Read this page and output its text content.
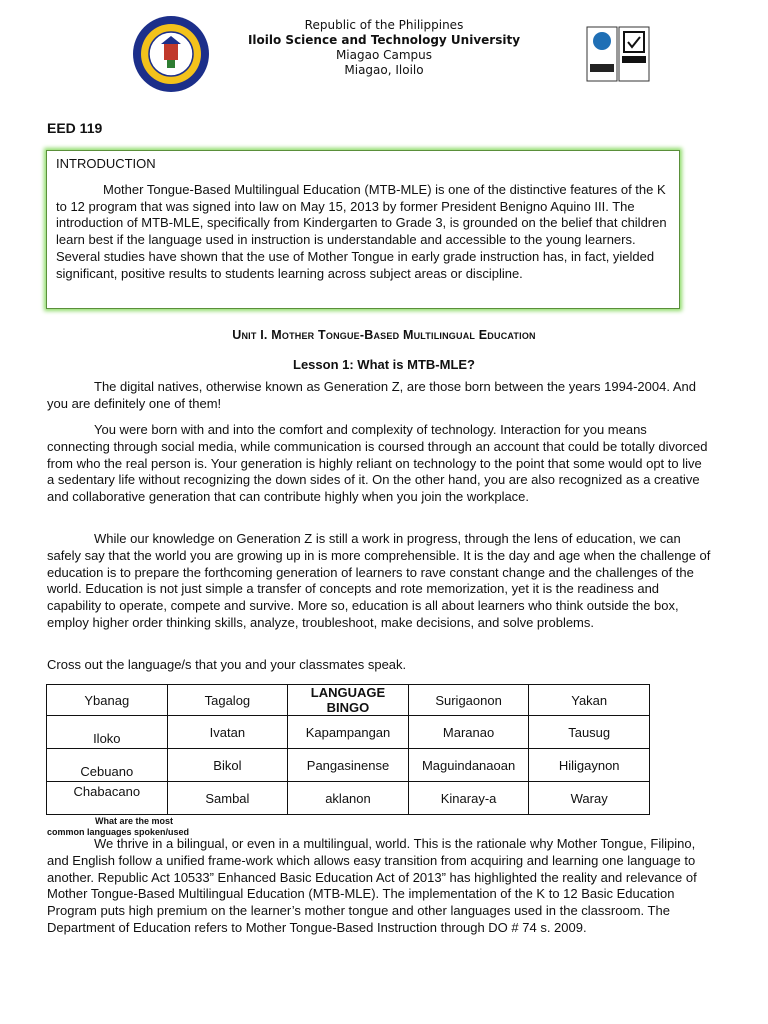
Republic of the Philippines
Iloilo Science and Technology University
Miagao Campus
Miagao, Iloilo
EED 119
INTRODUCTION

Mother Tongue-Based Multilingual Education (MTB-MLE) is one of the distinctive features of the K to 12 program that was signed into law on May 15, 2013 by former President Benigno Aquino III. The introduction of MTB-MLE, specifically from Kindergarten to Grade 3, is grounded on the belief that children learn best if the language used in instruction is understandable and accessible to the young learners. Several studies have shown that the use of Mother Tongue in early grade instruction has, in fact, yielded significant, positive results to students learning across subject areas or discipline.

Unit I. Mother Tongue-Based Multilingual Education
Lesson 1: What is MTB-MLE?

The digital natives, otherwise known as Generation Z, are those born between the years 1994-2004. And you are definitely one of them!

You were born with and into the comfort and complexity of technology. Interaction for you means connecting through social media, while communication is coursed through an account that could be totally divorced from who the real person is. Your generation is highly reliant on technology to the point that some would opt to live a sedentary life without recognizing the down sides of it. On the other hand, you are also recognized as a creative and collaborative generation that can contribute highly when you join the workplace.

While our knowledge on Generation Z is still a work in progress, through the lens of education, we can safely say that the world you are growing up in is more comprehensible. It is the day and age when the challenge of education is to prepare the forthcoming generation of learners to rave constant change and the challenges of the world. Education is not just simple a transfer of concepts and rote memorization, yet it is the readiness and capability to operate, compete and survive. More so, education is all about learners who think outside the box, employ higher order thinking skills, analyze, troubleshoot, make decisions, and solve problems.

Cross out the language/s that you and your classmates speak.

Ybanag	Tagalog	LANGUAGE BINGO	Surigaonon	Yakan
Iloko	Ivatan	Kapampangan	Maranao	Tausug
Cebuano	Bikol	Pangasinense	Maguindanaoan	Hiligaynon
Chabacano	Sambal	aklanon	Kinaray-a	Waray
What are the most
common languages spoken/used

We thrive in a bilingual, or even in a multilingual, world. This is the rationale why Mother Tongue, Filipino, and English follow a unified frame-work which allows easy transition from acquiring and learning one language to another. Republic Act 10533” Enhanced Basic Education Act of 2013” has highlighted the reality and relevance of Mother Tongue-Based Multilingual Education (MTB-MLE). The implementation of the K to 12 Basic Education Program puts high premium on the learner’s mother tongue and other languages used in the classroom. The Department of Education refers to Mother Tongue-Based Instruction through DO # 74 s. 2009.
